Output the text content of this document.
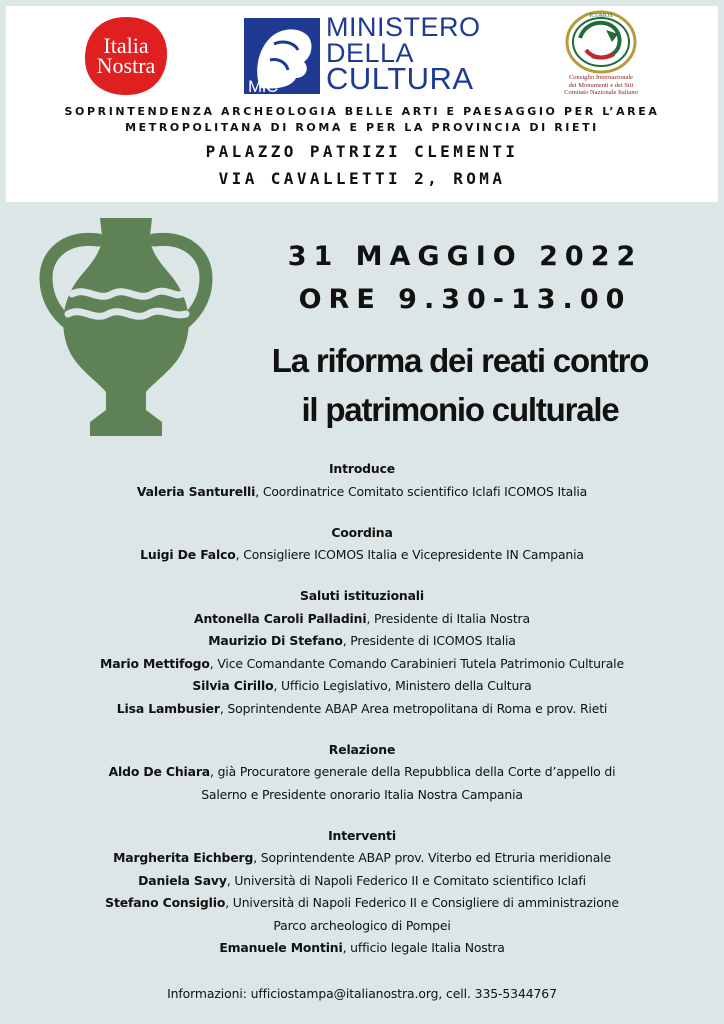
Italia
Nostra
MiC
MINISTERO
DELLA
CULTURA
ICOMOS
Consiglio Internazionale
dei Monumenti e dei Siti
Comitato Nazionale Italiano
SOPRINTENDENZA ARCHEOLOGIA BELLE ARTI E PAESAGGIO PER L’AREA
METROPOLITANA DI ROMA E PER LA PROVINCIA DI RIETI
PALAZZO PATRIZI CLEMENTI
VIA CAVALLETTI 2, ROMA
31 MAGGIO 2022
ORE 9.30-13.00
La riforma dei reati contro
il patrimonio culturale
Introduce
Valeria Santurelli, Coordinatrice Comitato scientifico Iclafi ICOMOS Italia
Coordina
Luigi De Falco, Consigliere ICOMOS Italia e Vicepresidente IN Campania
Saluti istituzionali
Antonella Caroli Palladini, Presidente di Italia Nostra
Maurizio Di Stefano, Presidente di ICOMOS Italia
Mario Mettifogo, Vice Comandante Comando Carabinieri Tutela Patrimonio Culturale
Silvia Cirillo, Ufficio Legislativo, Ministero della Cultura
Lisa Lambusier, Soprintendente ABAP Area metropolitana di Roma e prov. Rieti
Relazione
Aldo De Chiara, già Procuratore generale della Repubblica della Corte d’appello di
Salerno e Presidente onorario Italia Nostra Campania
Interventi
Margherita Eichberg, Soprintendente ABAP prov. Viterbo ed Etruria meridionale
Daniela Savy, Università di Napoli Federico II e Comitato scientifico Iclafi
Stefano Consiglio, Università di Napoli Federico II e Consigliere di amministrazione
Parco archeologico di Pompei
Emanuele Montini, ufficio legale Italia Nostra
Informazioni: ufficiostampa@italianostra.org, cell. 335-5344767
